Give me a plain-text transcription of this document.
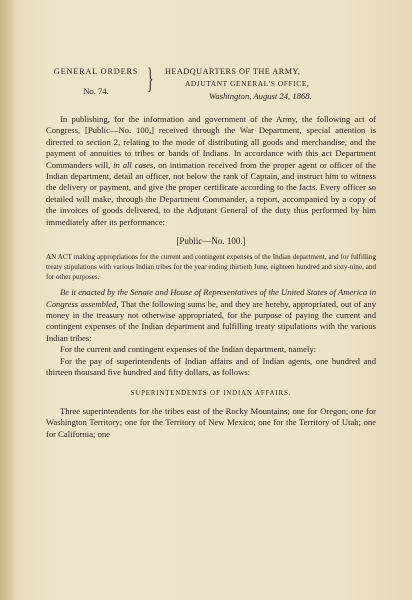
GENERAL ORDERS
No. 74.	} HEADQUARTERS OF THE ARMY,
ADJUTANT GENERAL'S OFFICE,
Washington, August 24, 1868.

In publishing, for the information and government of the Army, the following act of Congress, [Public—No. 100,] received through the War Department, special attention is directed to section 2, relating to the mode of distributing all goods and merchandise, and the payment of annuities to tribes or bands of Indians. In accordance with this act Department Commanders will, in all cases, on intimation received from the proper agent or officer of the Indian department, detail an officer, not below the rank of Captain, and instruct him to witness the delivery or payment, and give the proper certificate according to the facts. Every officer so detailed will make, through the Department Commander, a report, accompanied by a copy of the invoices of goods delivered, to the Adjutant General of the duty thus performed by him immediately after its performance:

[Public—No. 100.]

AN ACT making appropriations for the current and contingent expenses of the Indian department, and for fulfilling treaty stipulations with various Indian tribes for the year ending thirtieth June, eighteen hundred and sixty-nine, and for other purposes.

Be it enacted by the Senate and House of Representatives of the United States of America in Congress assembled, That the following sums be, and they are hereby, appropriated, out of any money in the treasury not otherwise appropriated, for the purpose of paying the current and contingent expenses of the Indian department and fulfilling treaty stipulations with the various Indian tribes:

For the current and contingent expenses of the Indian department, namely:

For the pay of superintendents of Indian affairs and of Indian agents, one hundred and thirteen thousand five hundred and fifty dollars, as follows:

SUPERINTENDENTS OF INDIAN AFFAIRS.

Three superintendents for the tribes east of the Rocky Mountains; one for Oregon; one for Washington Territory; one for the Territory of New Mexico; one for the Territory of Utah; one for California; one
